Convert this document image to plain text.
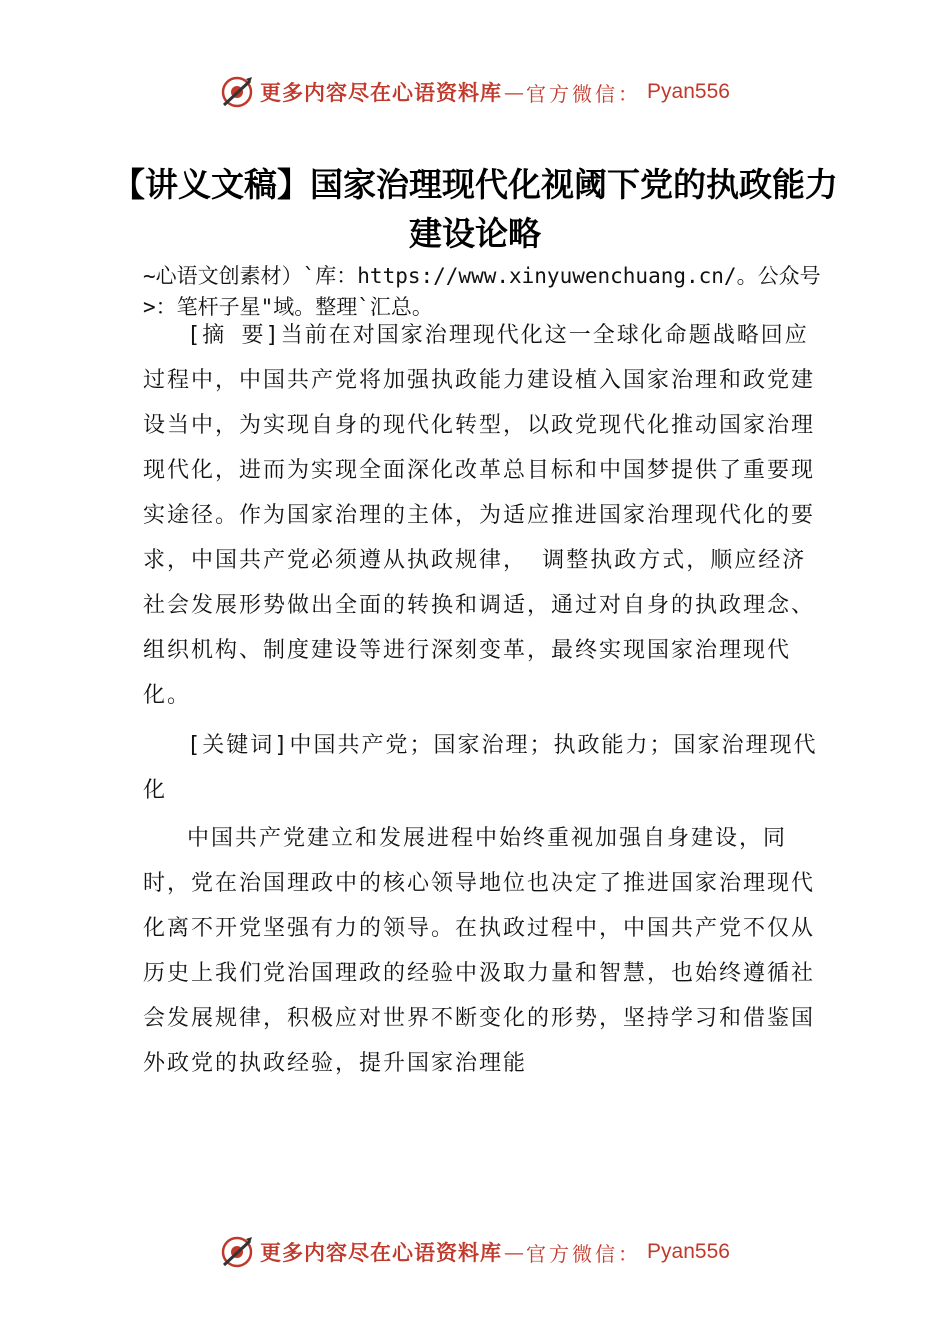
更多内容尽在心语资料库 — 官方微信： Pyan556
【讲义文稿】国家治理现代化视阈下党的执政能力建设论略
~心语文创素材）`库：https://www.xinyuwenchuang.cn/。公众号>：笔杆子星"域。整理`汇总。

[摘 要]当前在对国家治理现代化这一全球化命题战略回应过程中，中国共产党将加强执政能力建设植入国家治理和政党建设当中，为实现自身的现代化转型，以政党现代化推动国家治理现代化，进而为实现全面深化改革总目标和中国梦提供了重要现实途径。作为国家治理的主体，为适应推进国家治理现代化的要求，中国共产党必须遵从执政规律， 调整执政方式，顺应经济社会发展形势做出全面的转换和调适，通过对自身的执政理念、组织机构、制度建设等进行深刻变革，最终实现国家治理现代化。

[关键词]中国共产党；国家治理；执政能力；国家治理现代化

中国共产党建立和发展进程中始终重视加强自身建设，同时，党在治国理政中的核心领导地位也决定了推进国家治理现代化离不开党坚强有力的领导。在执政过程中，中国共产党不仅从历史上我们党治国理政的经验中汲取力量和智慧，也始终遵循社会发展规律，积极应对世界不断变化的形势，坚持学习和借鉴国外政党的执政经验，提升国家治理能

更多内容尽在心语资料库 — 官方微信： Pyan556
